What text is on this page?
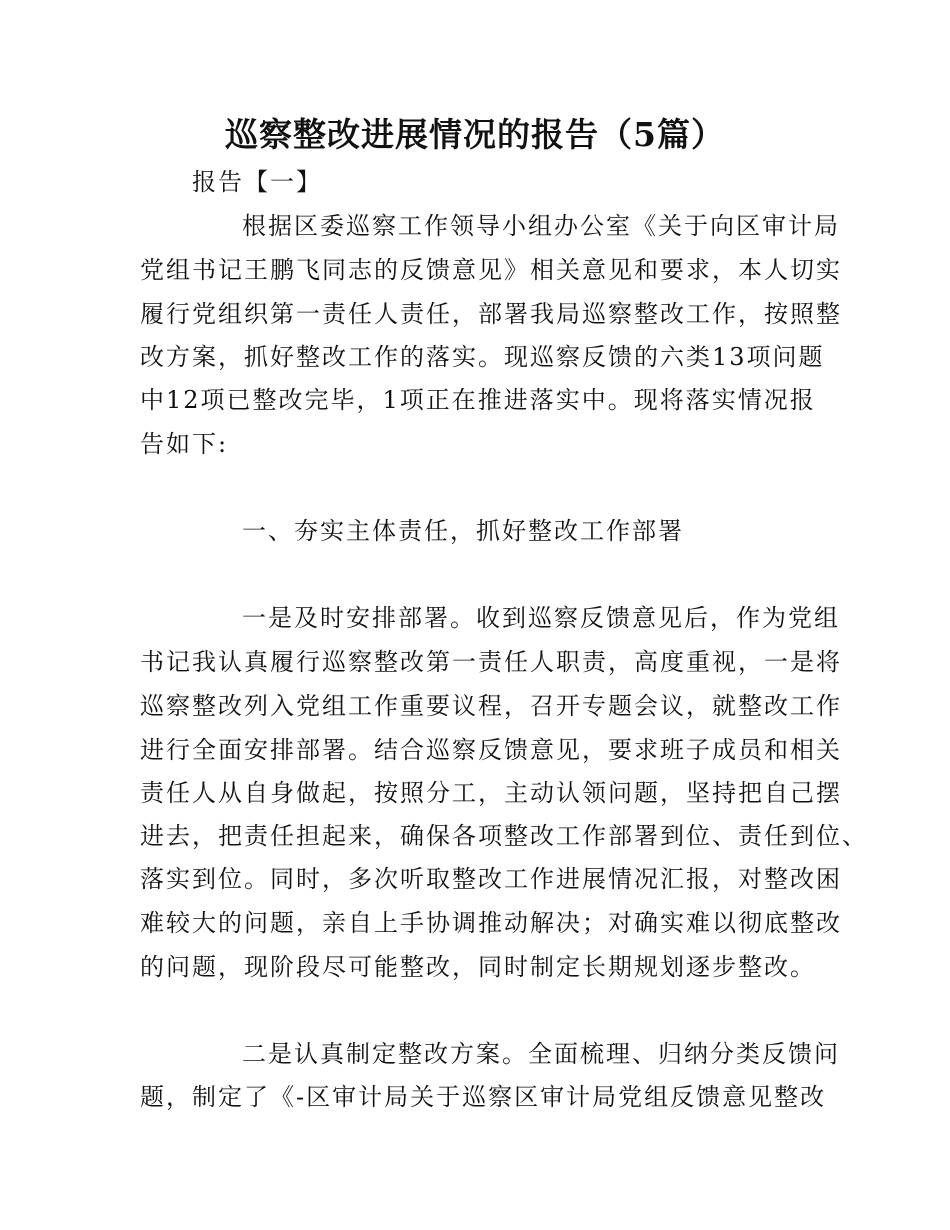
巡察整改进展情况的报告（5篇）
报告【一】
根据区委巡察工作领导小组办公室《关于向区审计局
党组书记王鹏飞同志的反馈意见》相关意见和要求，本人切实
履行党组织第一责任人责任，部署我局巡察整改工作，按照整
改方案，抓好整改工作的落实。现巡察反馈的六类13项问题
中12项已整改完毕，1项正在推进落实中。现将落实情况报
告如下:
一、夯实主体责任，抓好整改工作部署
一是及时安排部署。收到巡察反馈意见后，作为党组
书记我认真履行巡察整改第一责任人职责，高度重视，一是将
巡察整改列入党组工作重要议程，召开专题会议，就整改工作
进行全面安排部署。结合巡察反馈意见，要求班子成员和相关
责任人从自身做起，按照分工，主动认领问题，坚持把自己摆
进去，把责任担起来，确保各项整改工作部署到位、责任到位、
落实到位。同时，多次听取整改工作进展情况汇报，对整改困
难较大的问题，亲自上手协调推动解决；对确实难以彻底整改
的问题，现阶段尽可能整改，同时制定长期规划逐步整改。
二是认真制定整改方案。全面梳理、归纳分类反馈问
题，制定了《-区审计局关于巡察区审计局党组反馈意见整改
